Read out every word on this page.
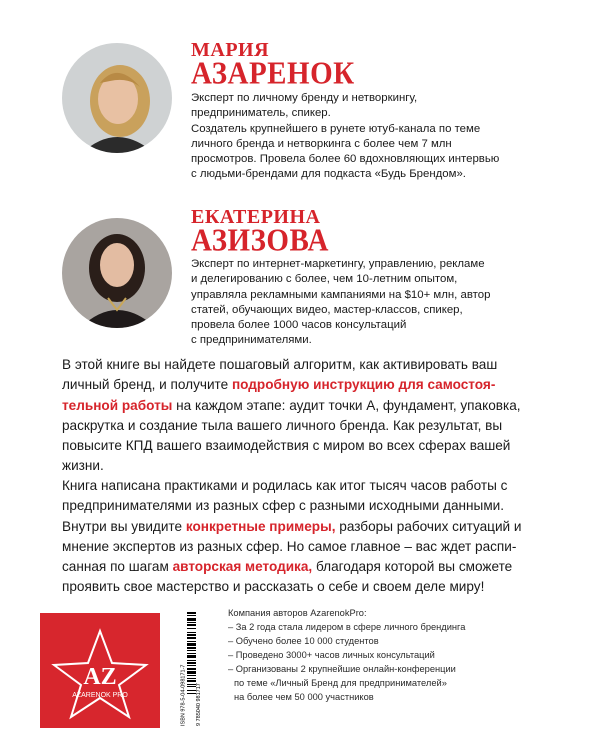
МАРИЯ
АЗАРЕНОК
Эксперт по личному бренду и нетворкингу,
предприниматель, спикер.
Создатель крупнейшего в рунете ютуб-канала по теме
личного бренда и нетворкинга с более чем 7 млн
просмотров. Провела более 60 вдохновляющих интервью
с людьми-брендами для подкаста «Будь Брендом».
ЕКАТЕРИНА
АЗИЗОВА
Эксперт по интернет-маркетингу, управлению, рекламе
и делегированию с более, чем 10-летним опытом,
управляла рекламными кампаниями на $10+ млн, автор
статей, обучающих видео, мастер-классов, спикер,
провела более 1000 часов консультаций
с предпринимателями.
В этой книге вы найдете пошаговый алгоритм, как активировать ваш
личный бренд, и получите подробную инструкцию для самостоя-
тельной работы на каждом этапе: аудит точки А, фундамент, упаковка,
раскрутка и создание тыла вашего личного бренда. Как результат, вы
повысите КПД вашего взаимодействия с миром во всех сферах вашей
жизни.
Книга написана практиками и родилась как итог тысяч часов работы с
предпринимателями из разных сфер с разными исходными данными.
Внутри вы увидите конкретные примеры, разборы рабочих ситуаций и
мнение экспертов из разных сфер. Но самое главное – вас ждет распи-
санная по шагам авторская методика, благодаря которой вы сможете
проявить свое мастерство и рассказать о себе и своем деле миру!
AZ
AZARENOK PRO	9 785040 981717
ISBN 978-5-04-098171-7
Компания авторов AzarenokPro:
– За 2 года стала лидером в сфере личного брендинга
– Обучено более 10 000 студентов
– Проведено 3000+ часов личных консультаций
– Организованы 2 крупнейшие онлайн-конференции
по теме «Личный Бренд для предпринимателей»
на более чем 50 000 участников
